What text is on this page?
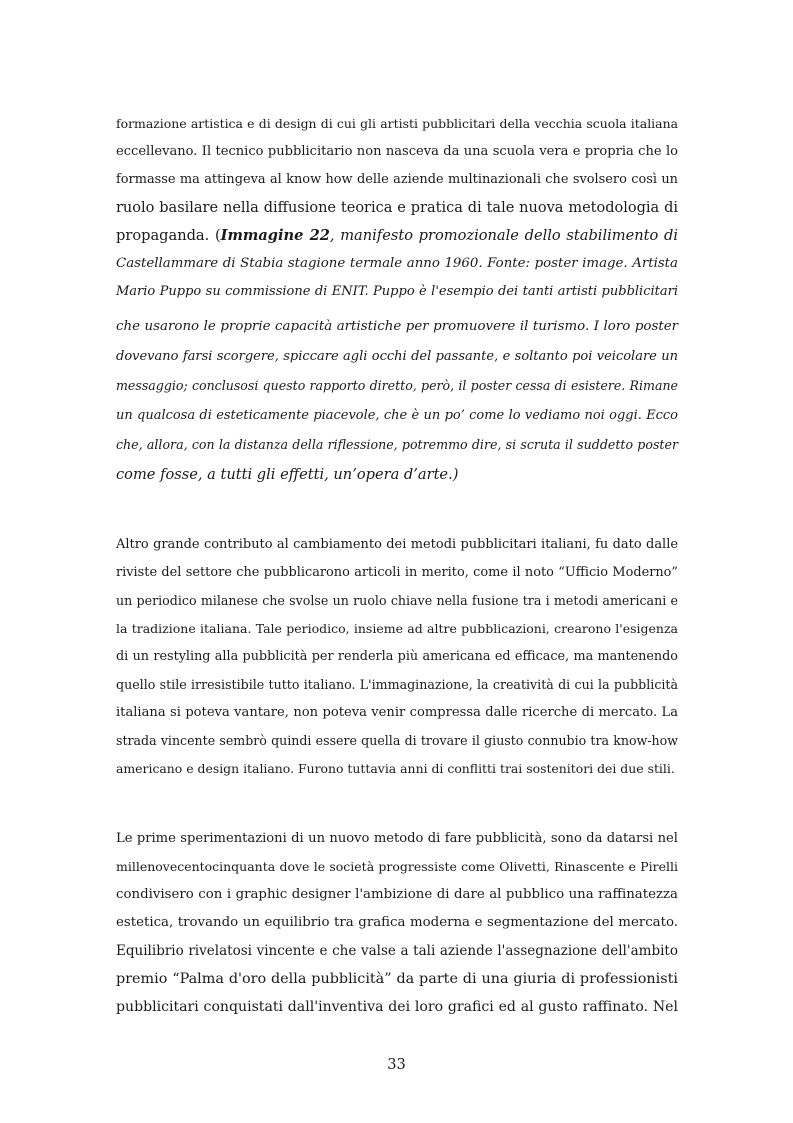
formazione artistica e di design di cui gli artisti pubblicitari della vecchia scuola italiana
eccellevano. Il tecnico pubblicitario non nasceva da una scuola vera e propria che lo
formasse ma attingeva al know how delle aziende multinazionali che svolsero così un
ruolo basilare nella diffusione teorica e pratica di tale nuova metodologia di
propaganda. (Immagine 22, manifesto promozionale dello stabilimento di
Castellammare di Stabia stagione termale anno 1960. Fonte: poster image. Artista
Mario Puppo su commissione di ENIT. Puppo è l'esempio dei tanti artisti pubblicitari
che usarono le proprie capacità artistiche per promuovere il turismo. I loro poster
dovevano farsi scorgere, spiccare agli occhi del passante, e soltanto poi veicolare un
messaggio; conclusosi questo rapporto diretto, però, il poster cessa di esistere. Rimane
un qualcosa di esteticamente piacevole, che è un po’ come lo vediamo noi oggi. Ecco
che, allora, con la distanza della riflessione, potremmo dire, si scruta il suddetto poster
come fosse, a tutti gli effetti, un’opera d’arte.)
Altro grande contributo al cambiamento dei metodi pubblicitari italiani, fu dato dalle
riviste del settore che pubblicarono articoli in merito, come il noto “Ufficio Moderno”
un periodico milanese che svolse un ruolo chiave nella fusione tra i metodi americani e
la tradizione italiana. Tale periodico, insieme ad altre pubblicazioni, crearono l'esigenza
di un restyling alla pubblicità per renderla più americana ed efficace, ma mantenendo
quello stile irresistibile tutto italiano. L'immaginazione, la creatività di cui la pubblicità
italiana si poteva vantare, non poteva venir compressa dalle ricerche di mercato. La
strada vincente sembrò quindi essere quella di trovare il giusto connubio tra know-how
americano e design italiano. Furono tuttavia anni di conflitti trai sostenitori dei due stili.
Le prime sperimentazioni di un nuovo metodo di fare pubblicità, sono da datarsi nel
millenovecentocinquanta dove le società progressiste come Olivetti, Rinascente e Pirelli
condivisero con i graphic designer l'ambizione di dare al pubblico una raffinatezza
estetica, trovando un equilibrio tra grafica moderna e segmentazione del mercato.
Equilibrio rivelatosi vincente e che valse a tali aziende l'assegnazione dell'ambito
premio “Palma d'oro della pubblicità” da parte di una giuria di professionisti
pubblicitari conquistati dall'inventiva dei loro grafici ed al gusto raffinato. Nel
33
